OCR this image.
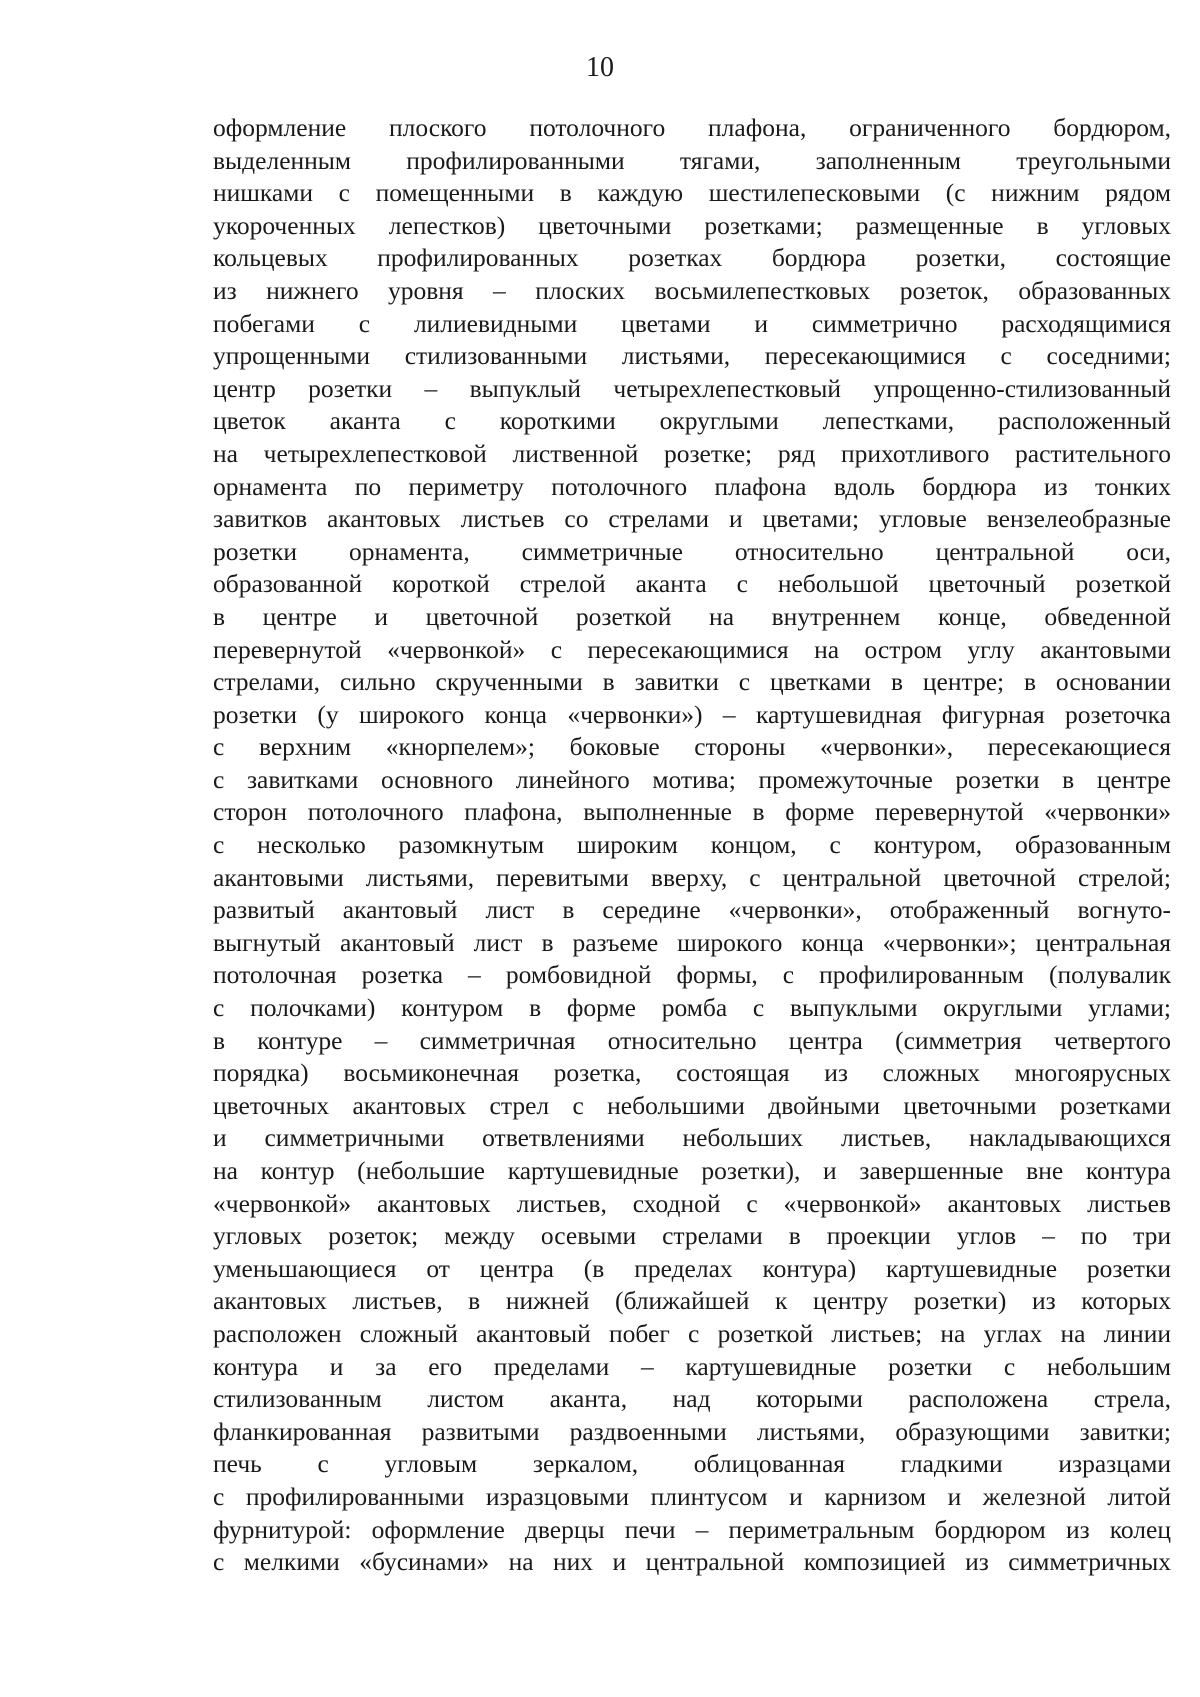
10
оформление плоского потолочного плафона, ограниченного бордюром,
выделенным профилированными тягами, заполненным треугольными
нишками с помещенными в каждую шестилепесковыми (с нижним рядом
укороченных лепестков) цветочными розетками; размещенные в угловых
кольцевых профилированных розетках бордюра розетки, состоящие
из нижнего уровня – плоских восьмилепестковых розеток, образованных
побегами с лилиевидными цветами и симметрично расходящимися
упрощенными стилизованными листьями, пересекающимися с соседними;
центр розетки – выпуклый четырехлепестковый упрощенно-стилизованный
цветок аканта с короткими округлыми лепестками, расположенный
на четырехлепестковой лиственной розетке; ряд прихотливого растительного
орнамента по периметру потолочного плафона вдоль бордюра из тонких
завитков акантовых листьев со стрелами и цветами; угловые вензелеобразные
розетки орнамента, симметричные относительно центральной оси,
образованной короткой стрелой аканта с небольшой цветочный розеткой
в центре и цветочной розеткой на внутреннем конце, обведенной
перевернутой «червонкой» с пересекающимися на остром углу акантовыми
стрелами, сильно скрученными в завитки с цветками в центре; в основании
розетки (у широкого конца «червонки») – картушевидная фигурная розеточка
с верхним «кнорпелем»; боковые стороны «червонки», пересекающиеся
с завитками основного линейного мотива; промежуточные розетки в центре
сторон потолочного плафона, выполненные в форме перевернутой «червонки»
с несколько разомкнутым широким концом, с контуром, образованным
акантовыми листьями, перевитыми вверху, с центральной цветочной стрелой;
развитый акантовый лист в середине «червонки», отображенный вогнуто-
выгнутый акантовый лист в разъеме широкого конца «червонки»; центральная
потолочная розетка – ромбовидной формы, с профилированным (полувалик
с полочками) контуром в форме ромба с выпуклыми округлыми углами;
в контуре – симметричная относительно центра (симметрия четвертого
порядка) восьмиконечная розетка, состоящая из сложных многоярусных
цветочных акантовых стрел с небольшими двойными цветочными розетками
и симметричными ответвлениями небольших листьев, накладывающихся
на контур (небольшие картушевидные розетки), и завершенные вне контура
«червонкой» акантовых листьев, сходной с «червонкой» акантовых листьев
угловых розеток; между осевыми стрелами в проекции углов – по три
уменьшающиеся от центра (в пределах контура) картушевидные розетки
акантовых листьев, в нижней (ближайшей к центру розетки) из которых
расположен сложный акантовый побег с розеткой листьев; на углах на линии
контура и за его пределами – картушевидные розетки с небольшим
стилизованным листом аканта, над которыми расположена стрела,
фланкированная развитыми раздвоенными листьями, образующими завитки;
печь с угловым зеркалом, облицованная гладкими изразцами
с профилированными изразцовыми плинтусом и карнизом и железной литой
фурнитурой: оформление дверцы печи – периметральным бордюром из колец
с мелкими «бусинами» на них и центральной композицией из симметричных
